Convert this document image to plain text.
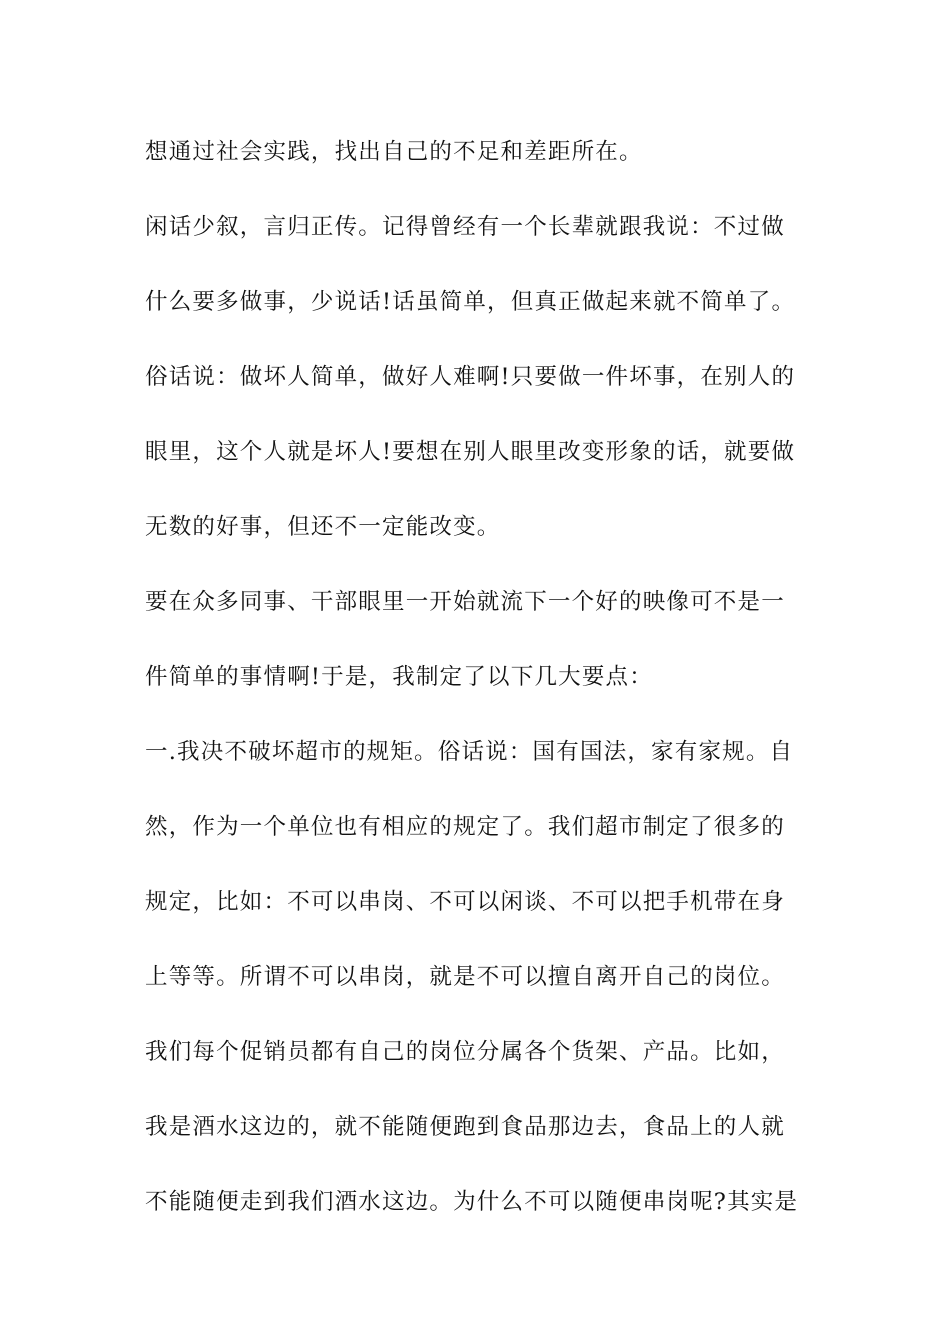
想通过社会实践，找出自己的不足和差距所在。
闲话少叙，言归正传。记得曾经有一个长辈就跟我说：不过做
什么要多做事，少说话!话虽简单，但真正做起来就不简单了。
俗话说：做坏人简单，做好人难啊!只要做一件坏事，在别人的
眼里，这个人就是坏人!要想在别人眼里改变形象的话，就要做
无数的好事，但还不一定能改变。
要在众多同事、干部眼里一开始就流下一个好的映像可不是一
件简单的事情啊!于是，我制定了以下几大要点：
一.我决不破坏超市的规矩。俗话说：国有国法，家有家规。自
然，作为一个单位也有相应的规定了。我们超市制定了很多的
规定，比如：不可以串岗、不可以闲谈、不可以把手机带在身
上等等。所谓不可以串岗，就是不可以擅自离开自己的岗位。
我们每个促销员都有自己的岗位分属各个货架、产品。比如，
我是酒水这边的，就不能随便跑到食品那边去，食品上的人就
不能随便走到我们酒水这边。为什么不可以随便串岗呢?其实是
